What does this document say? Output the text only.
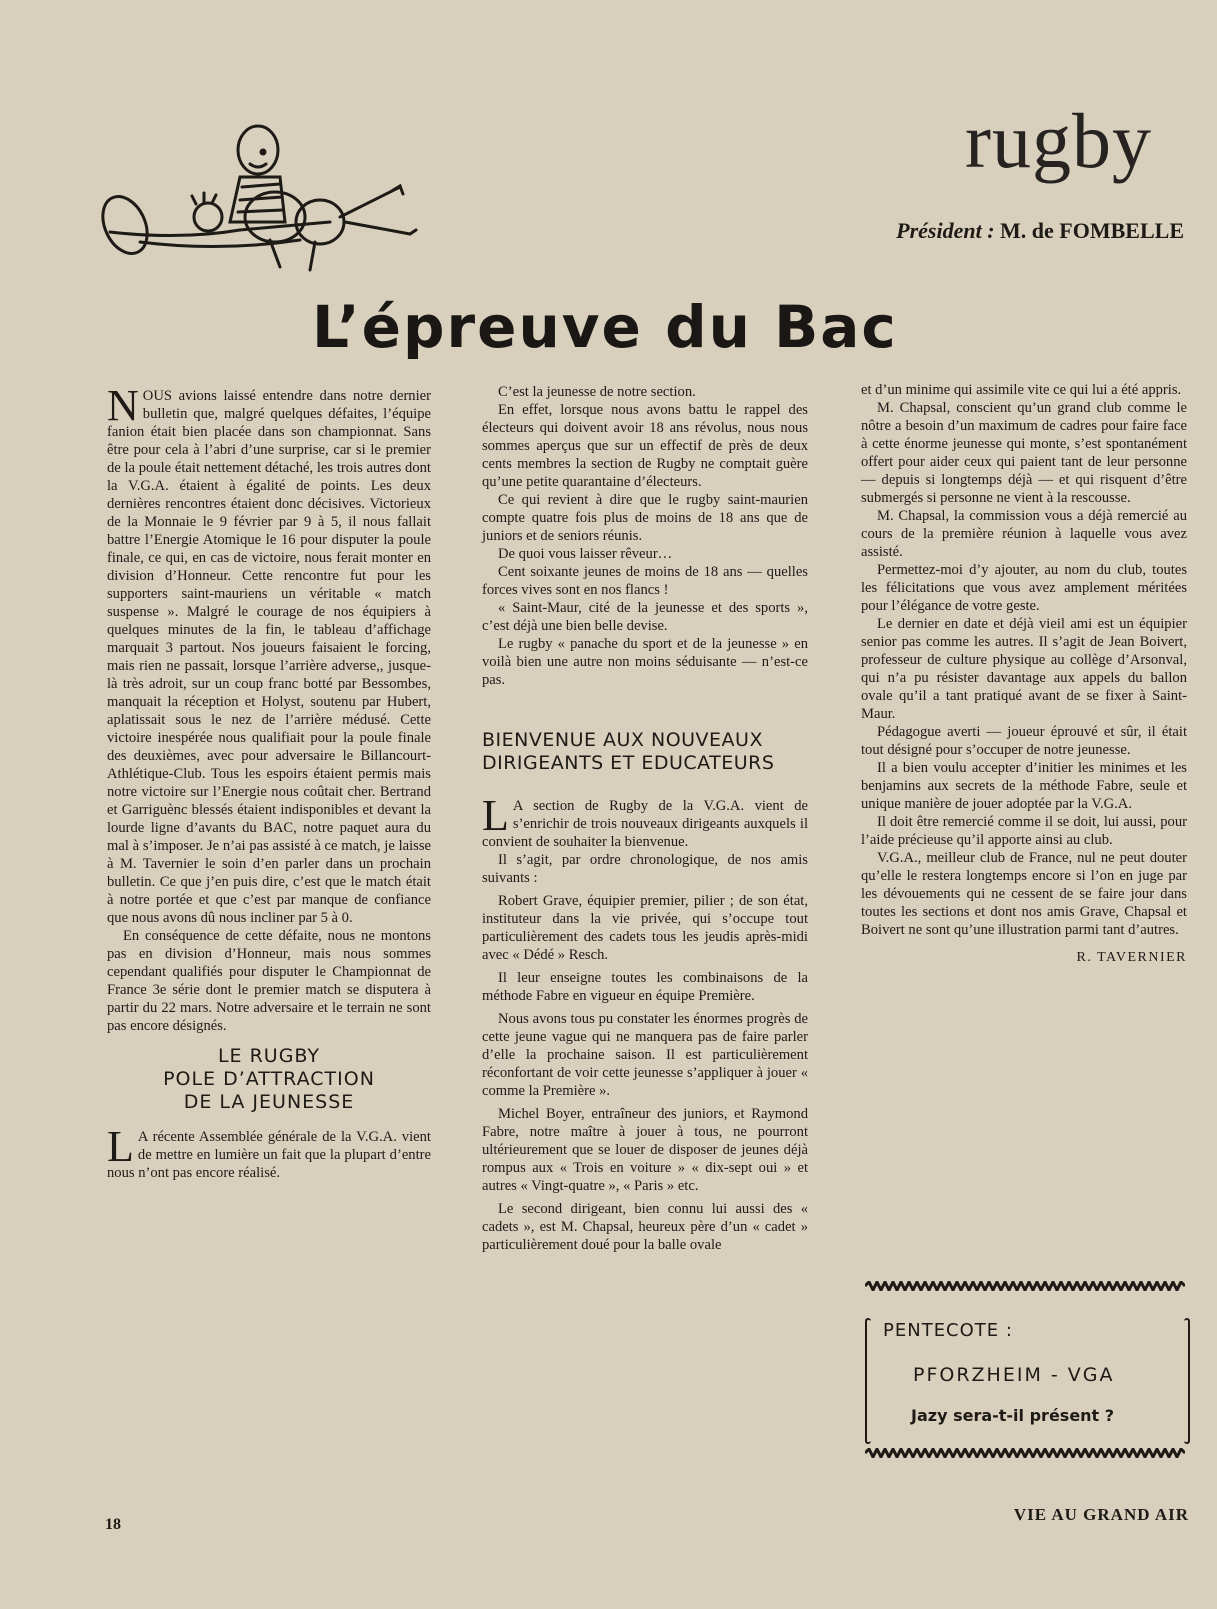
rugby
Président : M. de FOMBELLE
L’épreuve du Bac

NOUS avions laissé entendre dans notre dernier bulletin que, malgré quelques défaites, l’équipe fanion était bien placée dans son championnat. Sans être pour cela à l’abri d’une surprise, car si le premier de la poule était nettement détaché, les trois autres dont la V.G.A. étaient à égalité de points. Les deux dernières rencontres étaient donc décisives. Victorieux de la Monnaie le 9 février par 9 à 5, il nous fallait battre l’Energie Atomique le 16 pour disputer la poule finale, ce qui, en cas de victoire, nous ferait monter en division d’Honneur. Cette rencontre fut pour les supporters saint-mauriens un véritable « match suspense ». Malgré le courage de nos équipiers à quelques minutes de la fin, le tableau d’affichage marquait 3 partout. Nos joueurs faisaient le forcing, mais rien ne passait, lorsque l’arrière adverse,, jusque-là très adroit, sur un coup franc botté par Bessombes, manquait la réception et Holyst, soutenu par Hubert, aplatissait sous le nez de l’arrière médusé. Cette victoire inespérée nous qualifiait pour la poule finale des deuxièmes, avec pour adversaire le Billancourt-Athlétique-Club. Tous les espoirs étaient permis mais notre victoire sur l’Energie nous coûtait cher. Bertrand et Garriguènc blessés étaient indisponibles et devant la lourde ligne d’avants du BAC, notre paquet aura du mal à s’imposer. Je n’ai pas assisté à ce match, je laisse à M. Tavernier le soin d’en parler dans un prochain bulletin. Ce que j’en puis dire, c’est que le match était à notre portée et que c’est par manque de confiance que nous avons dû nous incliner par 5 à 0.

En conséquence de cette défaite, nous ne montons pas en division d’Honneur, mais nous sommes cependant qualifiés pour disputer le Championnat de France 3e série dont le premier match se disputera à partir du 22 mars. Notre adversaire et le terrain ne sont pas encore désignés.

LE RUGBY
POLE D’ATTRACTION
DE LA JEUNESSE

L A récente Assemblée générale de la V.G.A. vient de mettre en lumière un fait que la plupart d’entre nous n’ont pas encore réalisé.

C’est la jeunesse de notre section.

En effet, lorsque nous avons battu le rappel des électeurs qui doivent avoir 18 ans révolus, nous nous sommes aperçus que sur un effectif de près de deux cents membres la section de Rugby ne comptait guère qu’une petite quarantaine d’électeurs.

Ce qui revient à dire que le rugby saint-maurien compte quatre fois plus de moins de 18 ans que de juniors et de seniors réunis.

De quoi vous laisser rêveur…

Cent soixante jeunes de moins de 18 ans — quelles forces vives sont en nos flancs !

« Saint-Maur, cité de la jeunesse et des sports », c’est déjà une bien belle devise.

Le rugby « panache du sport et de la jeunesse » en voilà bien une autre non moins séduisante — n’est-ce pas.

BIENVENUE AUX NOUVEAUX
DIRIGEANTS ET EDUCATEURS

L A section de Rugby de la V.G.A. vient de s’enrichir de trois nouveaux dirigeants auxquels il convient de souhaiter la bienvenue.

Il s’agit, par ordre chronologique, de nos amis suivants :

Robert Grave, équipier premier, pilier ; de son état, instituteur dans la vie privée, qui s’occupe tout particulièrement des cadets tous les jeudis après-midi avec « Dédé » Resch.

Il leur enseigne toutes les combinaisons de la méthode Fabre en vigueur en équipe Première.

Nous avons tous pu constater les énormes progrès de cette jeune vague qui ne manquera pas de faire parler d’elle la prochaine saison. Il est particulièrement réconfortant de voir cette jeunesse s’appliquer à jouer « comme la Première ».

Michel Boyer, entraîneur des juniors, et Raymond Fabre, notre maître à jouer à tous, ne pourront ultérieurement que se louer de disposer de jeunes déjà rompus aux « Trois en voiture » « dix-sept oui » et autres « Vingt-quatre », « Paris » etc.

Le second dirigeant, bien connu lui aussi des « cadets », est M. Chapsal, heureux père d’un « cadet » particulièrement doué pour la balle ovale

et d’un minime qui assimile vite ce qui lui a été appris.

M. Chapsal, conscient qu’un grand club comme le nôtre a besoin d’un maximum de cadres pour faire face à cette énorme jeunesse qui monte, s’est spontanément offert pour aider ceux qui paient tant de leur personne — depuis si longtemps déjà — et qui risquent d’être submergés si personne ne vient à la rescousse.

M. Chapsal, la commission vous a déjà remercié au cours de la première réunion à laquelle vous avez assisté.

Permettez-moi d’y ajouter, au nom du club, toutes les félicitations que vous avez amplement méritées pour l’élégance de votre geste.

Le dernier en date et déjà vieil ami est un équipier senior pas comme les autres. Il s’agit de Jean Boivert, professeur de culture physique au collège d’Arsonval, qui n’a pu résister davantage aux appels du ballon ovale qu’il a tant pratiqué avant de se fixer à Saint-Maur.

Pédagogue averti — joueur éprouvé et sûr, il était tout désigné pour s’occuper de notre jeunesse.

Il a bien voulu accepter d’initier les minimes et les benjamins aux secrets de la méthode Fabre, seule et unique manière de jouer adoptée par la V.G.A.

Il doit être remercié comme il se doit, lui aussi, pour l’aide précieuse qu’il apporte ainsi au club.

V.G.A., meilleur club de France, nul ne peut douter qu’elle le restera longtemps encore si l’on en juge par les dévouements qui ne cessent de se faire jour dans toutes les sections et dont nos amis Grave, Chapsal et Boivert ne sont qu’une illustration parmi tant d’autres.

R. TAVERNIER
PENTECOTE :
PFORZHEIM - VGA
Jazy sera-t-il présent ?
18
VIE AU GRAND AIR
